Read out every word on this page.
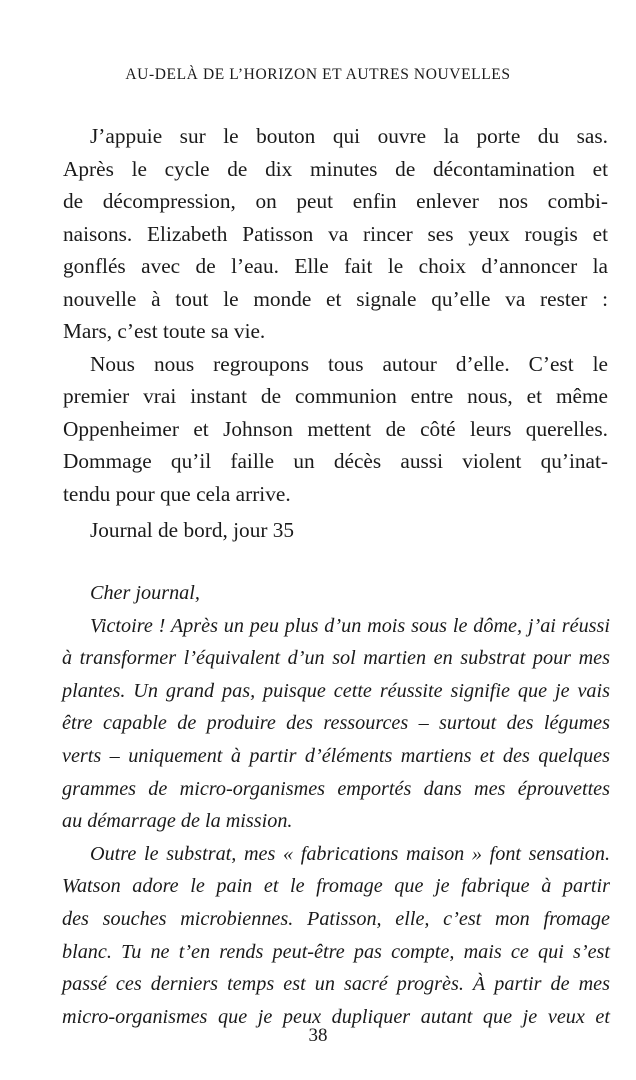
AU-DELÀ DE L’HORIZON ET AUTRES NOUVELLES
J’appuie sur le bouton qui ouvre la porte du sas.
Après le cycle de dix minutes de décontamination et
de décompression, on peut enfin enlever nos combi-
naisons. Elizabeth Patisson va rincer ses yeux rougis et
gonflés avec de l’eau. Elle fait le choix d’annoncer la
nouvelle à tout le monde et signale qu’elle va rester :
Mars, c’est toute sa vie.
Nous nous regroupons tous autour d’elle. C’est le
premier vrai instant de communion entre nous, et même
Oppenheimer et Johnson mettent de côté leurs querelles.
Dommage qu’il faille un décès aussi violent qu’inat-
tendu pour que cela arrive.
Journal de bord, jour 35
Cher journal,
Victoire ! Après un peu plus d’un mois sous le dôme, j’ai réussi
à transformer l’équivalent d’un sol martien en substrat pour mes
plantes. Un grand pas, puisque cette réussite signifie que je vais
être capable de produire des ressources – surtout des légumes
verts – uniquement à partir d’éléments martiens et des quelques
grammes de micro-organismes emportés dans mes éprouvettes
au démarrage de la mission.
Outre le substrat, mes « fabrications maison » font sensation.
Watson adore le pain et le fromage que je fabrique à partir
des souches microbiennes. Patisson, elle, c’est mon fromage
blanc. Tu ne t’en rends peut-être pas compte, mais ce qui s’est
passé ces derniers temps est un sacré progrès. À partir de mes
micro-organismes que je peux dupliquer autant que je veux et
38
